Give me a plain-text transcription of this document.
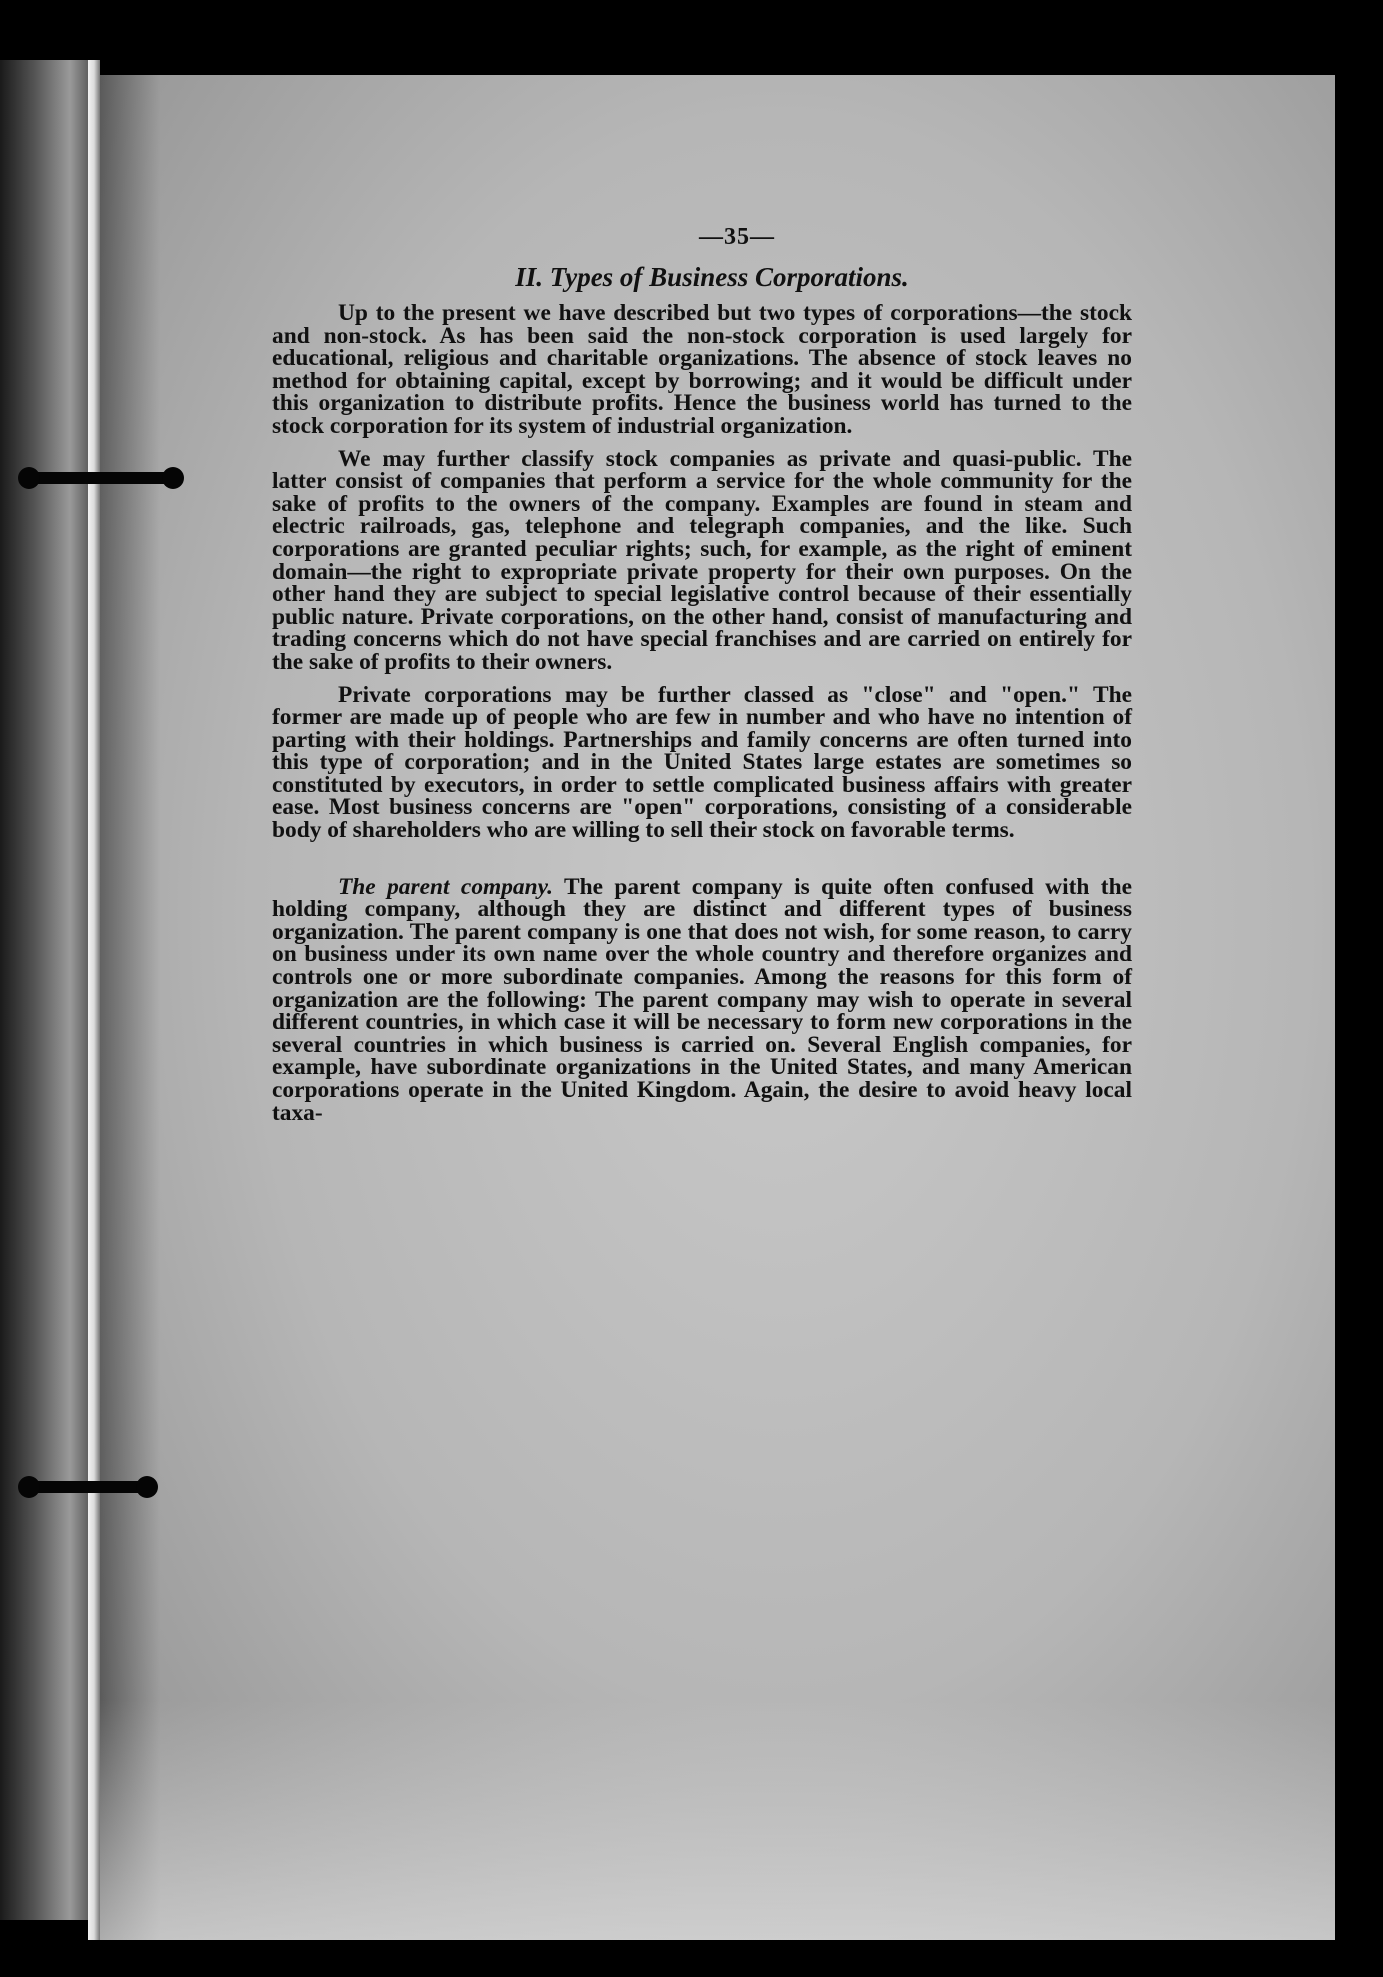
—35—
II. Types of Business Corporations.

Up to the present we have described but two types of corporations—the stock and non-stock. As has been said the non-stock corporation is used largely for educational, religious and charitable organizations. The absence of stock leaves no method for obtaining capital, except by borrowing; and it would be difficult under this organization to distribute profits. Hence the business world has turned to the stock corporation for its system of industrial organization.

We may further classify stock companies as private and quasi-public. The latter consist of companies that perform a service for the whole community for the sake of profits to the owners of the company. Examples are found in steam and electric railroads, gas, telephone and telegraph companies, and the like. Such corporations are granted peculiar rights; such, for example, as the right of eminent domain—the right to expropriate private property for their own purposes. On the other hand they are subject to special legislative control because of their essentially public nature. Private corporations, on the other hand, consist of manufacturing and trading concerns which do not have special franchises and are carried on entirely for the sake of profits to their owners.

Private corporations may be further classed as "close" and "open." The former are made up of people who are few in number and who have no intention of parting with their holdings. Partnerships and family concerns are often turned into this type of corporation; and in the United States large estates are sometimes so constituted by executors, in order to settle complicated business affairs with greater ease. Most business concerns are "open" corporations, consisting of a considerable body of shareholders who are willing to sell their stock on favorable terms.

The parent company. The parent company is quite often confused with the holding company, although they are distinct and different types of business organization. The parent company is one that does not wish, for some reason, to carry on business under its own name over the whole country and therefore organizes and controls one or more subordinate companies. Among the reasons for this form of organization are the following: The parent company may wish to operate in several different countries, in which case it will be necessary to form new corporations in the several countries in which business is carried on. Several English companies, for example, have subordinate organizations in the United States, and many American corporations operate in the United Kingdom. Again, the desire to avoid heavy local taxa-
